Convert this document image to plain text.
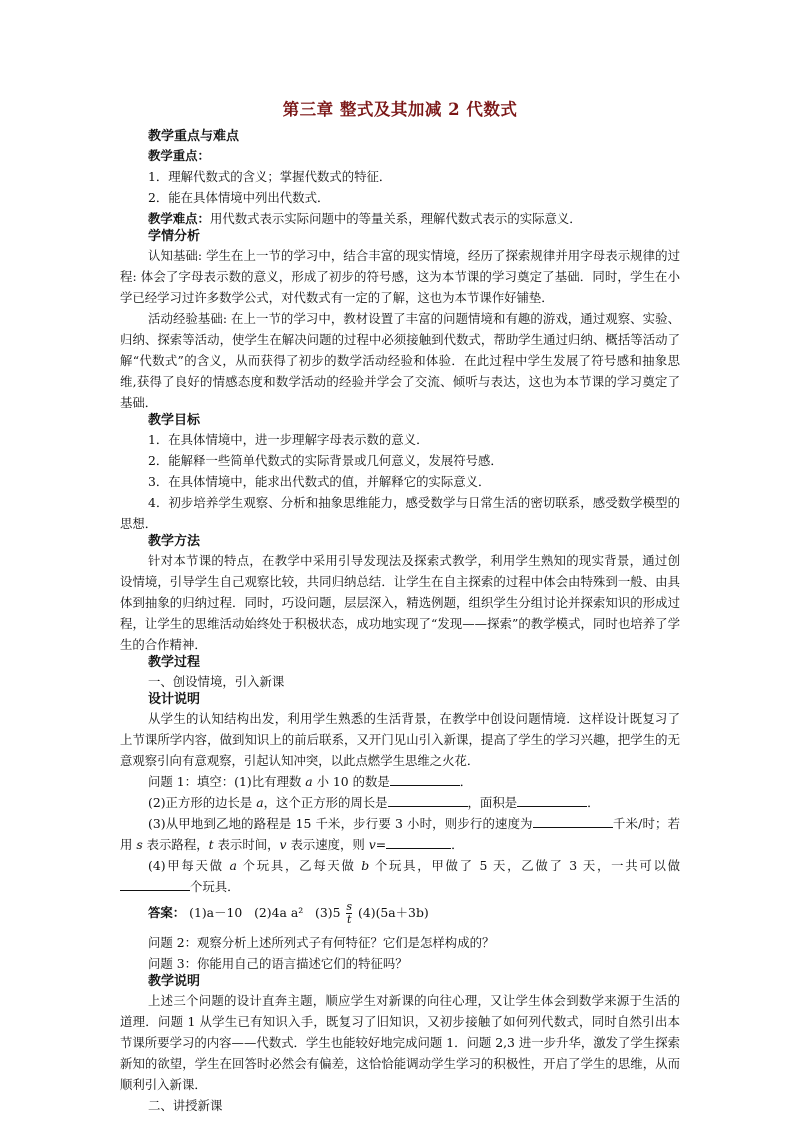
第三章 整式及其加减 2 代数式
教学重点与难点
教学重点：
1．理解代数式的含义；掌握代数式的特征．
2．能在具体情境中列出代数式．
教学难点：用代数式表示实际问题中的等量关系，理解代数式表示的实际意义．
学情分析

认知基础: 学生在上一节的学习中，结合丰富的现实情境，经历了探索规律并用字母表示规律的过程: 体会了字母表示数的意义，形成了初步的符号感，这为本节课的学习奠定了基础．同时，学生在小学已经学习过许多数学公式，对代数式有一定的了解，这也为本节课作好铺垫．

活动经验基础: 在上一节的学习中，教材设置了丰富的问题情境和有趣的游戏，通过观察、实验、归纳、探索等活动，使学生在解决问题的过程中必须接触到代数式，帮助学生通过归纳、概括等活动了解“代数式”的含义，从而获得了初步的数学活动经验和体验．在此过程中学生发展了符号感和抽象思维,获得了良好的情感态度和数学活动的经验并学会了交流、倾听与表达，这也为本节课的学习奠定了基础．

教学目标
1．在具体情境中，进一步理解字母表示数的意义．
2．能解释一些简单代数式的实际背景或几何意义，发展符号感．
3．在具体情境中，能求出代数式的值，并解释它的实际意义．

4．初步培养学生观察、分析和抽象思维能力，感受数学与日常生活的密切联系，感受数学模型的思想．

教学方法

针对本节课的特点，在教学中采用引导发现法及探索式教学，利用学生熟知的现实背景，通过创设情境，引导学生自己观察比较，共同归纳总结．让学生在自主探索的过程中体会由特殊到一般、由具体到抽象的归纳过程．同时，巧设问题，层层深入，精选例题，组织学生分组讨论并探索知识的形成过程，让学生的思维活动始终处于积极状态，成功地实现了“发现——探索”的教学模式，同时也培养了学生的合作精神．

教学过程
一、创设情境，引入新课
设计说明

从学生的认知结构出发，利用学生熟悉的生活背景，在教学中创设问题情境．这样设计既复习了上节课所学内容，做到知识上的前后联系，又开门见山引入新课，提高了学生的学习兴趣，把学生的无意观察引向有意观察，引起认知冲突，以此点燃学生思维之火花．

问题 1：填空：(1)比有理数 a 小 10 的数是	．
(2)正方形的边长是 a，这个正方形的周长是	，面积是	．

(3)从甲地到乙地的路程是 15 千米，步行要 3 小时，则步行的速度为	千米/时；若用 s 表示路程，t 表示时间，v 表示速度，则 v=	．

(4)甲每天做 a 个玩具，乙每天做 b 个玩具，甲做了 5 天，乙做了 3 天，一共可以做个玩具．

答案： (1)a－10 (2)4a a² $(3)5 \frac{s}{t} (4)(5a+3b)$
问题 2：观察分析上述所列式子有何特征？它们是怎样构成的？
问题 3：你能用自己的语言描述它们的特征吗？
教学说明

上述三个问题的设计直奔主题，顺应学生对新课的向往心理，又让学生体会到数学来源于生活的道理．问题 1 从学生已有知识入手，既复习了旧知识，又初步接触了如何列代数式，同时自然引出本节课所要学习的内容——代数式．学生也能较好地完成问题 1．问题 2,3 进一步升华，激发了学生探索新知的欲望，学生在回答时必然会有偏差，这恰恰能调动学生学习的积极性，开启了学生的思维，从而顺利引入新课．

二、讲授新课
